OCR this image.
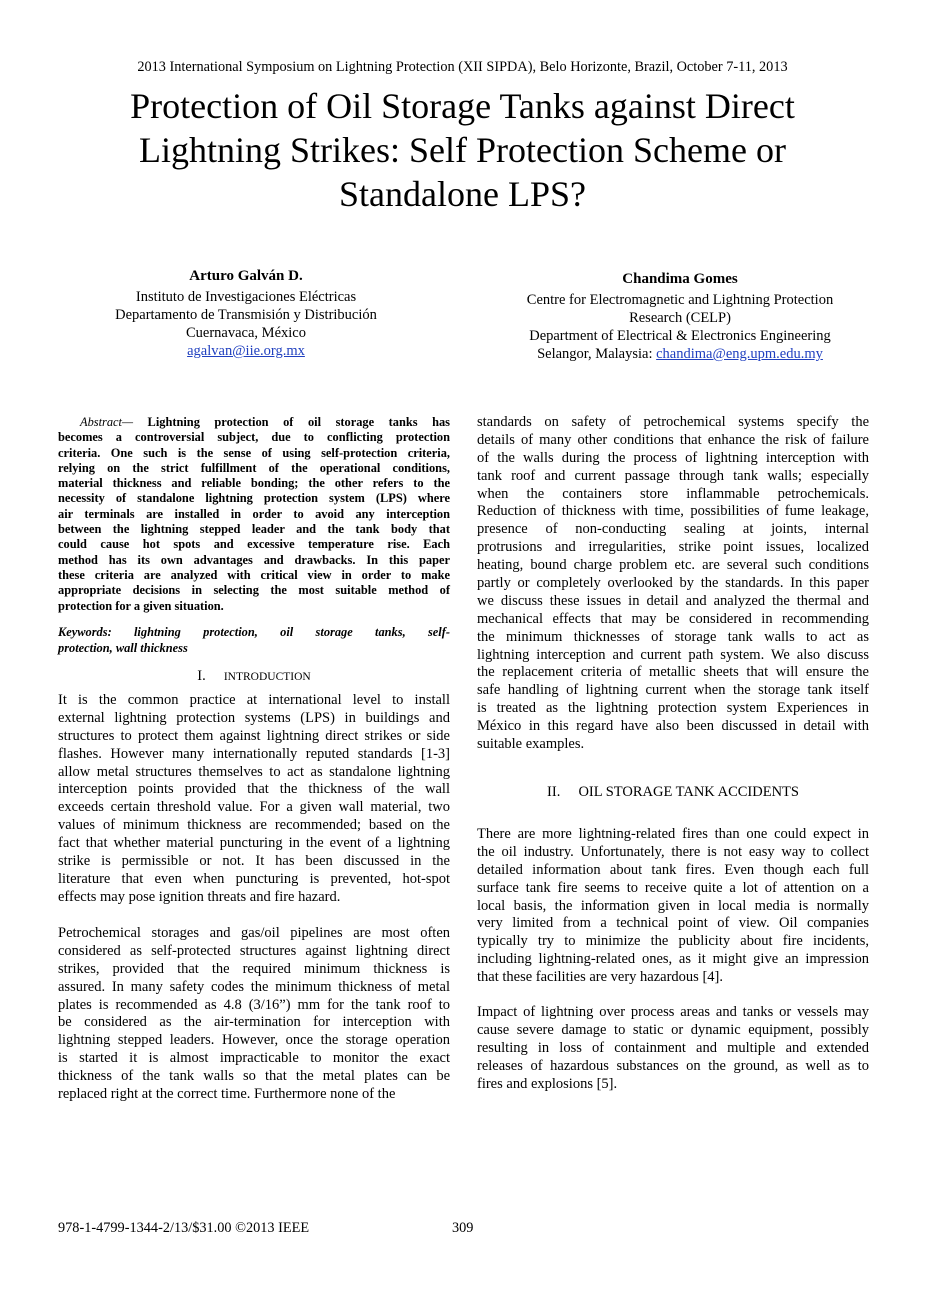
2013 International Symposium on Lightning Protection (XII SIPDA), Belo Horizonte, Brazil, October 7-11, 2013
Protection of Oil Storage Tanks against Direct
Lightning Strikes: Self Protection Scheme or
Standalone LPS?
Arturo Galván D.
Instituto de Investigaciones Eléctricas
Departamento de Transmisión y Distribución
Cuernavaca, México
agalvan@iie.org.mx
Chandima Gomes
Centre for Electromagnetic and Lightning Protection
Research (CELP)
Department of Electrical & Electronics Engineering
Selangor, Malaysia: chandima@eng.upm.edu.my
Abstract— Lightning protection of oil storage tanks has
becomes a controversial subject, due to conflicting protection
criteria. One such is the sense of using self-protection criteria,
relying on the strict fulfillment of the operational conditions,
material thickness and reliable bonding; the other refers to the
necessity of standalone lightning protection system (LPS) where
air terminals are installed in order to avoid any interception
between the lightning stepped leader and the tank body that
could cause hot spots and excessive temperature rise. Each
method has its own advantages and drawbacks. In this paper
these criteria are analyzed with critical view in order to make
appropriate decisions in selecting the most suitable method of
protection for a given situation.
Keywords: lightning protection, oil storage tanks, self-
protection, wall thickness
I. INTRODUCTION
It is the common practice at international level to install
external lightning protection systems (LPS) in buildings and
structures to protect them against lightning direct strikes or side
flashes. However many internationally reputed standards [1-3]
allow metal structures themselves to act as standalone lightning
interception points provided that the thickness of the wall
exceeds certain threshold value. For a given wall material, two
values of minimum thickness are recommended; based on the
fact that whether material puncturing in the event of a lightning
strike is permissible or not. It has been discussed in the
literature that even when puncturing is prevented, hot-spot
effects may pose ignition threats and fire hazard.
Petrochemical storages and gas/oil pipelines are most often
considered as self-protected structures against lightning direct
strikes, provided that the required minimum thickness is
assured. In many safety codes the minimum thickness of metal
plates is recommended as 4.8 (3/16”) mm for the tank roof to
be considered as the air-termination for interception with
lightning stepped leaders. However, once the storage operation
is started it is almost impracticable to monitor the exact
thickness of the tank walls so that the metal plates can be
replaced right at the correct time. Furthermore none of the
standards on safety of petrochemical systems specify the
details of many other conditions that enhance the risk of failure
of the walls during the process of lightning interception with
tank roof and current passage through tank walls; especially
when the containers store inflammable petrochemicals.
Reduction of thickness with time, possibilities of fume leakage,
presence of non-conducting sealing at joints, internal
protrusions and irregularities, strike point issues, localized
heating, bound charge problem etc. are several such conditions
partly or completely overlooked by the standards. In this paper
we discuss these issues in detail and analyzed the thermal and
mechanical effects that may be considered in recommending
the minimum thicknesses of storage tank walls to act as
lightning interception and current path system. We also discuss
the replacement criteria of metallic sheets that will ensure the
safe handling of lightning current when the storage tank itself
is treated as the lightning protection system Experiences in
México in this regard have also been discussed in detail with
suitable examples.
II. OIL STORAGE TANK ACCIDENTS
There are more lightning-related fires than one could expect in
the oil industry. Unfortunately, there is not easy way to collect
detailed information about tank fires. Even though each full
surface tank fire seems to receive quite a lot of attention on a
local basis, the information given in local media is normally
very limited from a technical point of view. Oil companies
typically try to minimize the publicity about fire incidents,
including lightning-related ones, as it might give an impression
that these facilities are very hazardous [4].
Impact of lightning over process areas and tanks or vessels may
cause severe damage to static or dynamic equipment, possibly
resulting in loss of containment and multiple and extended
releases of hazardous substances on the ground, as well as to
fires and explosions [5].
978-1-4799-1344-2/13/$31.00 ©2013 IEEE	309
